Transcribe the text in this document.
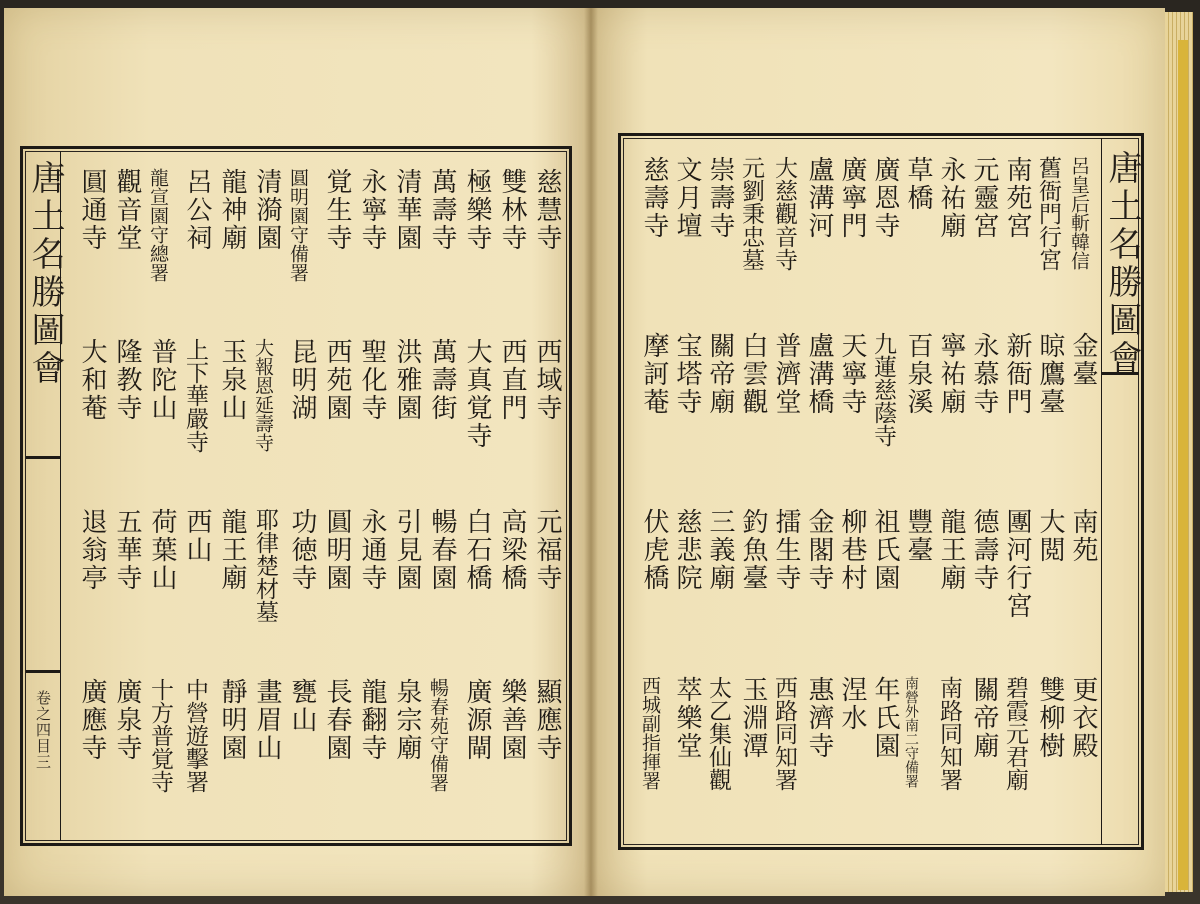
唐土名勝圖會
卷之四目三
慈慧寺
雙林寺
極樂寺
萬壽寺
清華園
永寧寺
覚生寺
圓明園守備署
清漪園
龍神廟
呂公祠
龍宣園守總署
觀音堂
圓通寺
西域寺
西直門
大真覚寺
萬壽街
洪雅園
聖化寺
西苑園
昆明湖
大報恩延壽寺
玉泉山
上下華嚴寺
普陀山
隆教寺
大和菴
元福寺
高梁橋
白石橋
暢春園
引見園
永通寺
圓明園
功徳寺
耶律楚材墓
龍王廟
西山
荷葉山
五華寺
退翁亭
顯應寺
樂善園
廣源閘
暢春苑守備署
泉宗廟
龍翻寺
長春園
甕山
畫眉山
靜明園
中營遊擊署
十方普覚寺
廣泉寺
廣應寺
唐土名勝圖會
呂皇后斬韓信
舊衙門行宮
南苑宮
元靈宮
永祐廟
草橋
廣恩寺
廣寧門
盧溝河
大慈觀音寺
元劉秉忠墓
崇壽寺
文月壇
慈壽寺
金臺
晾鷹臺
新衙門
永慕寺
寧祐廟
百泉溪
九蓮慈蔭寺
天寧寺
盧溝橋
普濟堂
白雲觀
關帝廟
宝塔寺
摩訶菴
南苑
大閲
團河行宮
德壽寺
龍王廟
豐臺
祖氏園
柳巷村
金閣寺
擂生寺
釣魚臺
三義廟
慈悲院
伏虎橋
更衣殿
雙柳樹
碧霞元君廟
關帝廟
南路同知署
南營外南二守備署
年氏園
涅水
惠濟寺
西路同知署
玉淵潭
太乙集仙觀
萃樂堂
西城副指揮署
